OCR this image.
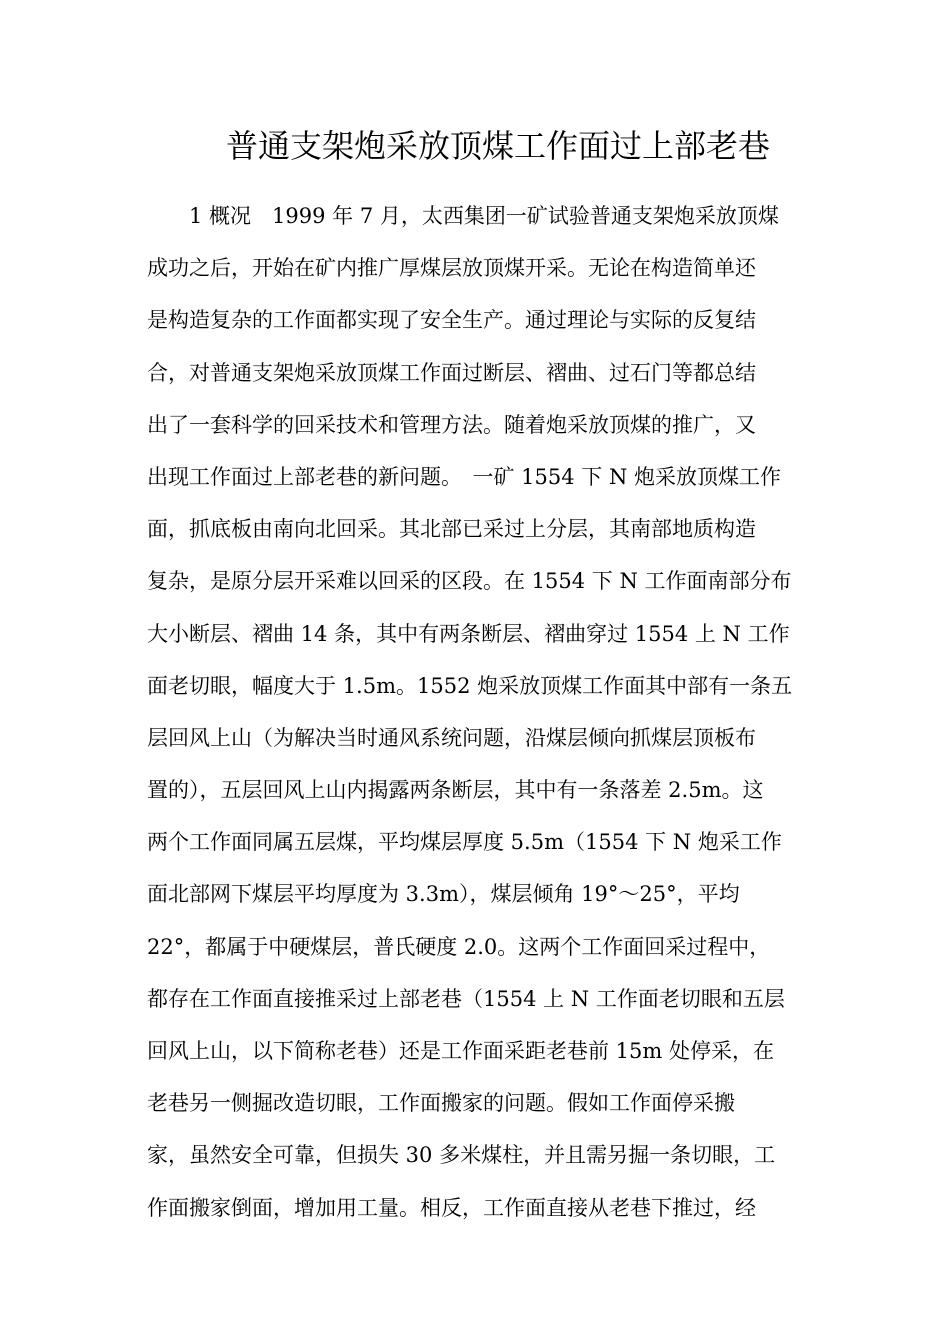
普通支架炮采放顶煤工作面过上部老巷
1 概况　1999 年 7 月，太西集团一矿试验普通支架炮采放顶煤
成功之后，开始在矿内推广厚煤层放顶煤开采。无论在构造简单还
是构造复杂的工作面都实现了安全生产。通过理论与实际的反复结
合，对普通支架炮采放顶煤工作面过断层、褶曲、过石门等都总结
出了一套科学的回采技术和管理方法。随着炮采放顶煤的推广，又
出现工作面过上部老巷的新问题。　一矿 1554 下 N 炮采放顶煤工作
面，抓底板由南向北回采。其北部已采过上分层，其南部地质构造
复杂，是原分层开采难以回采的区段。在 1554 下 N 工作面南部分布
大小断层、褶曲 14 条，其中有两条断层、褶曲穿过 1554 上 N 工作
面老切眼，幅度大于 1.5m。1552 炮采放顶煤工作面其中部有一条五
层回风上山（为解决当时通风系统问题，沿煤层倾向抓煤层顶板布
置的），五层回风上山内揭露两条断层，其中有一条落差 2.5m。这
两个工作面同属五层煤，平均煤层厚度 5.5m（1554 下 N 炮采工作
面北部网下煤层平均厚度为 3.3m），煤层倾角 19°～25°，平均
22°，都属于中硬煤层，普氏硬度 2.0。这两个工作面回采过程中，
都存在工作面直接推采过上部老巷（1554 上 N 工作面老切眼和五层
回风上山，以下简称老巷）还是工作面采距老巷前 15m 处停采，在
老巷另一侧掘改造切眼，工作面搬家的问题。假如工作面停采搬
家，虽然安全可靠，但损失 30 多米煤柱，并且需另掘一条切眼，工
作面搬家倒面，增加用工量。相反，工作面直接从老巷下推过，经
